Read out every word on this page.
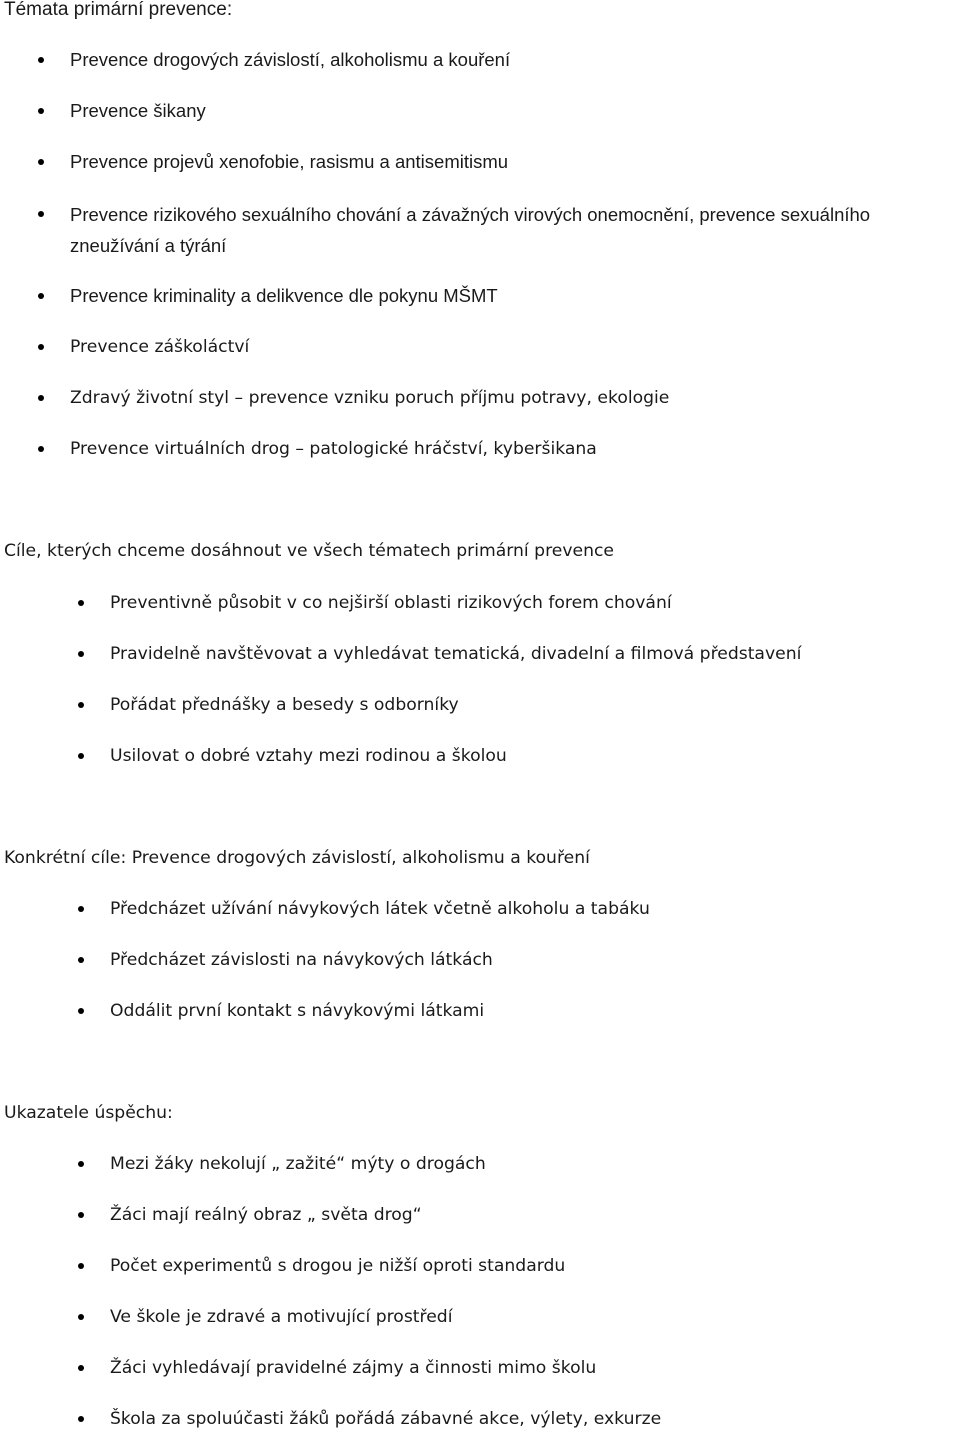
Témata primární prevence:
Prevence drogových závislostí, alkoholismu a kouření
Prevence šikany
Prevence projevů xenofobie, rasismu a antisemitismu
Prevence rizikového sexuálního chování a závažných virových onemocnění, prevence sexuálního zneužívání a týrání
Prevence kriminality a delikvence dle pokynu MŠMT
Prevence záškoláctví
Zdravý životní styl – prevence vzniku poruch příjmu potravy, ekologie
Prevence virtuálních drog – patologické hráčství, kyberšikana
Cíle, kterých chceme dosáhnout ve všech tématech primární prevence
Preventivně působit v co nejširší oblasti rizikových forem chování
Pravidelně navštěvovat a vyhledávat tematická, divadelní a filmová představení
Pořádat přednášky a besedy s odborníky
Usilovat o dobré vztahy mezi rodinou a školou
Konkrétní cíle: Prevence drogových závislostí, alkoholismu a kouření
Předcházet užívání návykových látek včetně alkoholu a tabáku
Předcházet závislosti na návykových látkách
Oddálit první kontakt s návykovými látkami
Ukazatele úspěchu:
Mezi žáky nekolují „ zažité“ mýty o drogách
Žáci mají reálný obraz „ světa drog“
Počet experimentů s drogou je nižší oproti standardu
Ve škole je zdravé a motivující prostředí
Žáci vyhledávají pravidelné zájmy a činnosti mimo školu
Škola za spoluúčasti žáků pořádá zábavné akce, výlety, exkurze
